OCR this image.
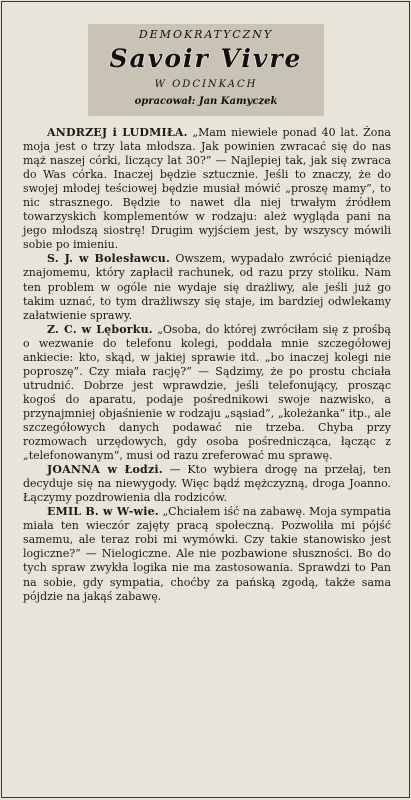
DEMOKRATYCZNY
Savoir Vivre
W ODCINKACH
opracował: Jan Kamyczek

ANDRZEJ i LUDMIŁA. „Mam niewiele ponad 40 lat. Żona moja jest o trzy lata młodsza. Jak powinien zwracać się do nas mąż naszej córki, liczący lat 30?” — Najlepiej tak, jak się zwraca do Was córka. Inaczej będzie sztucznie. Jeśli to znaczy, że do swojej młodej teściowej będzie musiał mówić „proszę mamy”, to nic strasznego. Będzie to nawet dla niej trwałym źródłem towarzyskich komplementów w rodzaju: ależ wygląda pani na jego młodszą siostrę! Drugim wyjściem jest, by wszyscy mówili sobie po imieniu.

S. J. w Bolesławcu. Owszem, wypadało zwrócić pieniądze znajomemu, który zapłacił rachunek, od razu przy stoliku. Nam ten problem w ogóle nie wydaje się drażliwy, ale jeśli już go takim uznać, to tym drażliwszy się staje, im bardziej odwlekamy załatwienie sprawy.

Z. C. w Lęborku. „Osoba, do której zwróciłam się z prośbą o wezwanie do telefonu kolegi, poddała mnie szczegółowej ankiecie: kto, skąd, w jakiej sprawie itd. „bo inaczej kolegi nie poproszę”. Czy miała rację?” — Sądzimy, że po prostu chciała utrudnić. Dobrze jest wprawdzie, jeśli telefonujący, prosząc kogoś do aparatu, podaje pośrednikowi swoje nazwisko, a przynajmniej objaśnienie w rodzaju „sąsiad”, „koleżanka” itp., ale szczegółowych danych podawać nie trzeba. Chyba przy rozmowach urzędowych, gdy osoba pośrednicząca, łącząc z „telefonowanym”, musi od razu zreferować mu sprawę.

JOANNA w Łodzi. — Kto wybiera drogę na przełaj, ten decyduje się na niewygody. Więc bądź mężczyzną, droga Joanno. Łączymy pozdrowienia dla rodziców.

EMIL B. w W-wie. „Chciałem iść na zabawę. Moja sympatia miała ten wieczór zajęty pracą społeczną. Pozwoliła mi pójść samemu, ale teraz robi mi wymówki. Czy takie stanowisko jest logiczne?” — Nielogiczne. Ale nie pozbawione słuszności. Bo do tych spraw zwykła logika nie ma zastosowania. Sprawdzi to Pan na sobie, gdy sympatia, choćby za pańską zgodą, także sama pójdzie na jakąś zabawę.
